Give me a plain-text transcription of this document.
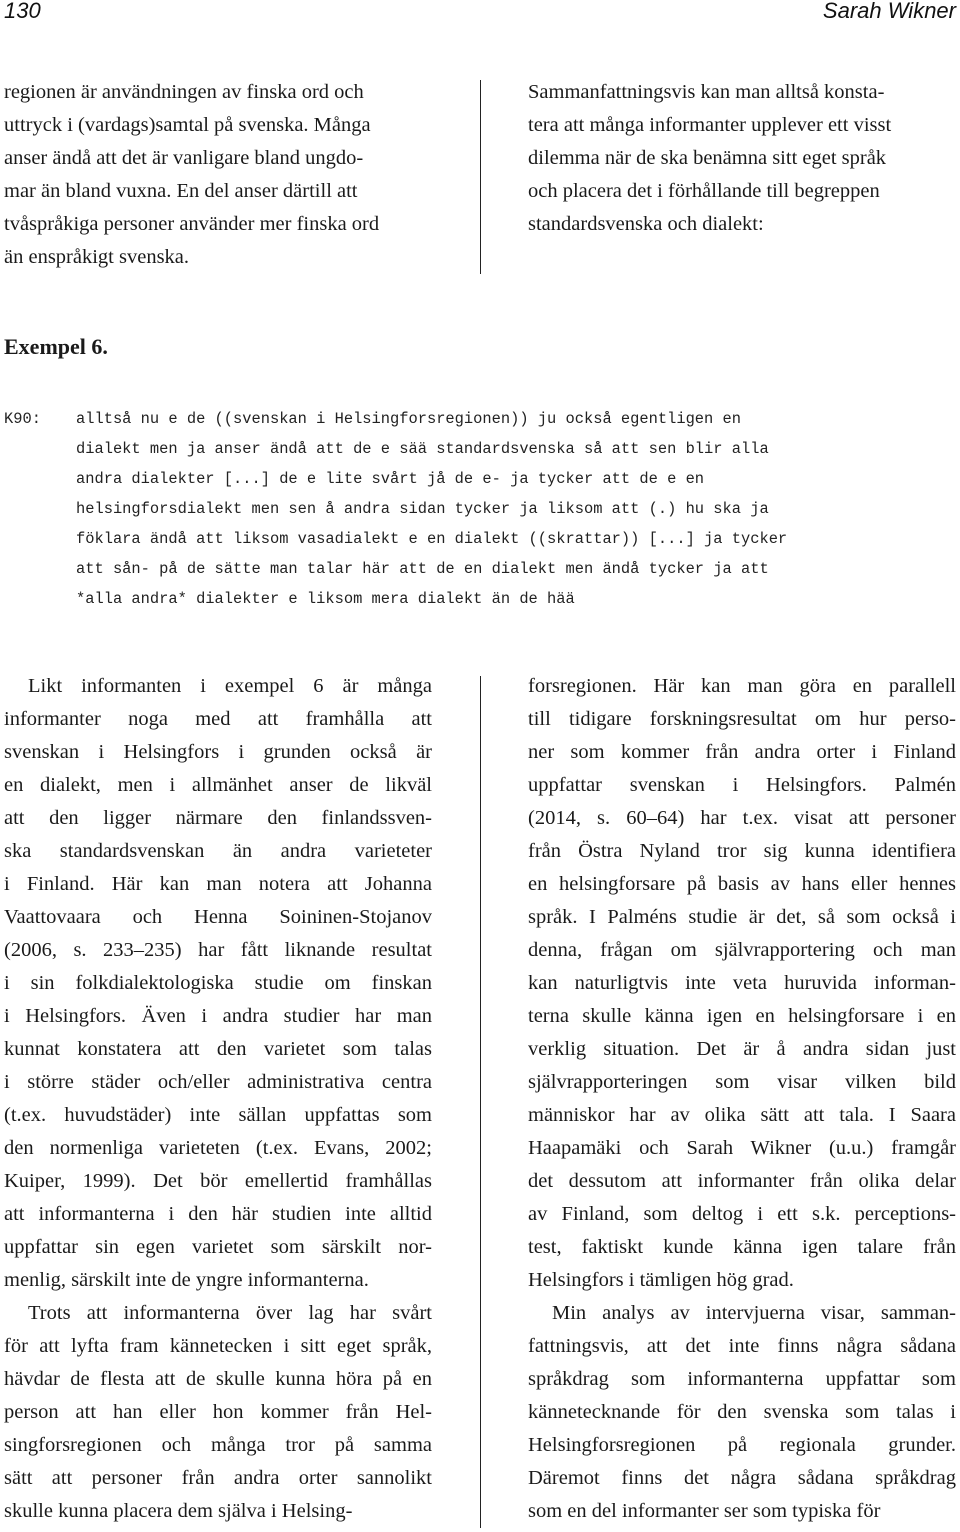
130	Sarah Wikner
regionen är användningen av finska ord och
uttryck i (vardags)samtal på svenska. Många
anser ändå att det är vanligare bland ungdo-
mar än bland vuxna. En del anser därtill att
tvåspråkiga personer använder mer finska ord
än enspråkigt svenska.
Sammanfattningsvis kan man alltså konsta-
tera att många informanter upplever ett visst
dilemma när de ska benämna sitt eget språk
och placera det i förhållande till begreppen
standardsvenska och dialekt:
Exempel 6.
K90: alltså nu e de ((svenskan i Helsingforsregionen)) ju också egentligen en
dialekt men ja anser ändå att de e sää standardsvenska så att sen blir alla
andra dialekter [...] de e lite svårt jå de e- ja tycker att de e en
helsingforsdialekt men sen å andra sidan tycker ja liksom att (.) hu ska ja
föklara ändå att liksom vasadialekt e en dialekt ((skrattar)) [...] ja tycker
att sån- på de sätte man talar här att de en dialekt men ändå tycker ja att
*alla andra* dialekter e liksom mera dialekt än de hää
Likt informanten i exempel 6 är många
informanter noga med att framhålla att
svenskan i Helsingfors i grunden också är
en dialekt, men i allmänhet anser de likväl
att den ligger närmare den finlandssven-
ska standardsvenskan än andra varieteter
i Finland. Här kan man notera att Johanna
Vaattovaara och Henna Soininen-Stojanov
(2006, s. 233–235) har fått liknande resultat
i sin folkdialektologiska studie om finskan
i Helsingfors. Även i andra studier har man
kunnat konstatera att den varietet som talas
i större städer och/eller administrativa centra
(t.ex. huvudstäder) inte sällan uppfattas som
den normenliga varieteten (t.ex. Evans, 2002;
Kuiper, 1999). Det bör emellertid framhållas
att informanterna i den här studien inte alltid
uppfattar sin egen varietet som särskilt nor-
menlig, särskilt inte de yngre informanterna.
Trots att informanterna över lag har svårt
för att lyfta fram kännetecken i sitt eget språk,
hävdar de flesta att de skulle kunna höra på en
person att han eller hon kommer från Hel-
singforsregionen och många tror på samma
sätt att personer från andra orter sannolikt
skulle kunna placera dem själva i Helsing-
forsregionen. Här kan man göra en parallell
till tidigare forskningsresultat om hur perso-
ner som kommer från andra orter i Finland
uppfattar svenskan i Helsingfors. Palmén
(2014, s. 60–64) har t.ex. visat att personer
från Östra Nyland tror sig kunna identifiera
en helsingforsare på basis av hans eller hennes
språk. I Palméns studie är det, så som också i
denna, frågan om självrapportering och man
kan naturligtvis inte veta huruvida informan-
terna skulle känna igen en helsingforsare i en
verklig situation. Det är å andra sidan just
självrapporteringen som visar vilken bild
människor har av olika sätt att tala. I Saara
Haapamäki och Sarah Wikner (u.u.) framgår
det dessutom att informanter från olika delar
av Finland, som deltog i ett s.k. perceptions-
test, faktiskt kunde känna igen talare från
Helsingfors i tämligen hög grad.
Min analys av intervjuerna visar, samman-
fattningsvis, att det inte finns några sådana
språkdrag som informanterna uppfattar som
kännetecknande för den svenska som talas i
Helsingforsregionen på regionala grunder.
Däremot finns det några sådana språkdrag
som en del informanter ser som typiska för
